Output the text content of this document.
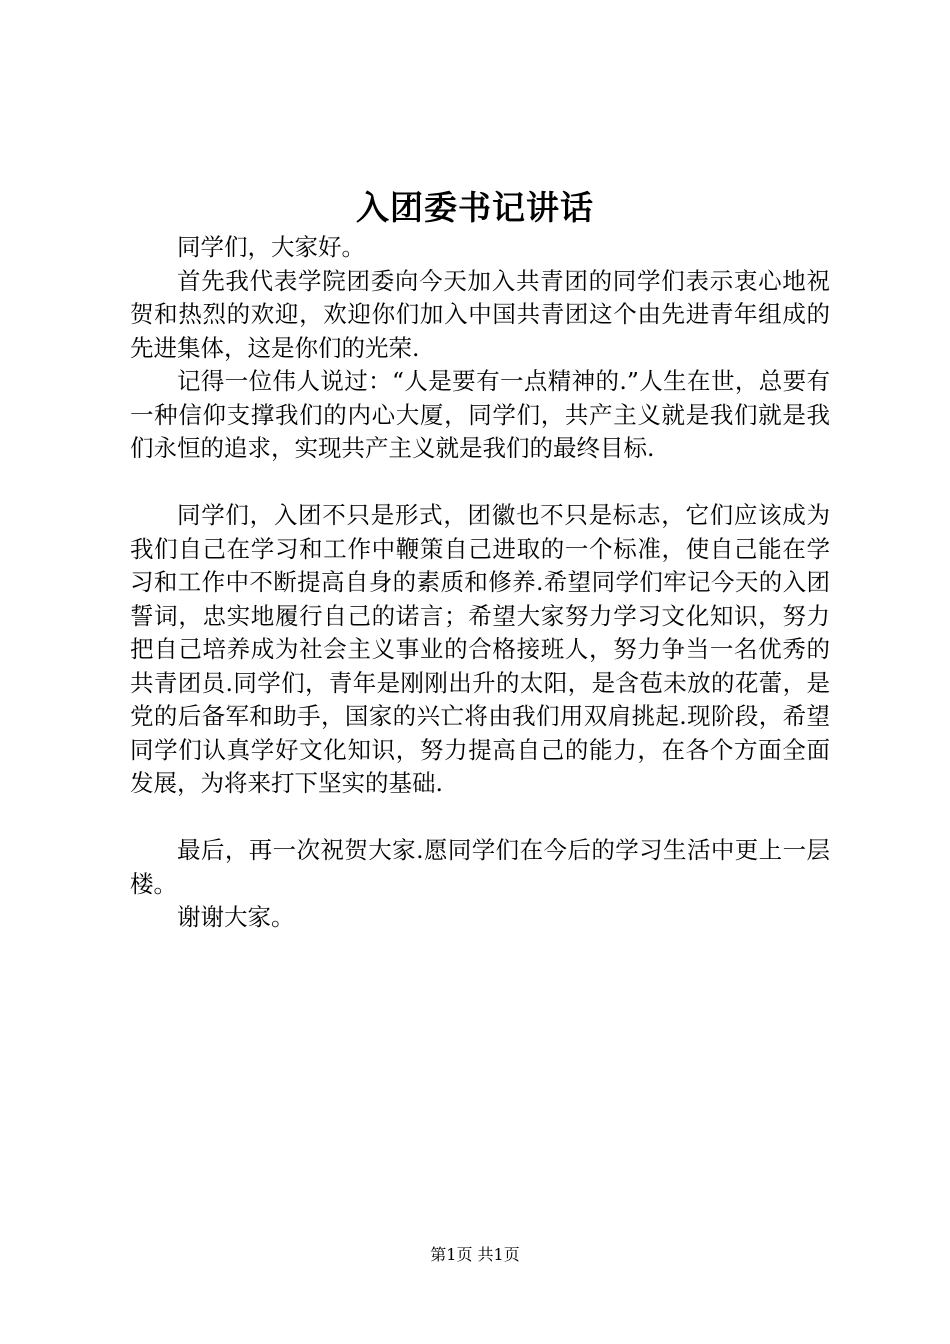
入团委书记讲话

同学们，大家好。

首先我代表学院团委向今天加入共青团的同学们表示衷心地祝贺和热烈的欢迎，欢迎你们加入中国共青团这个由先进青年组成的先进集体，这是你们的光荣.

记得一位伟人说过：“人是要有一点精神的.”人生在世，总要有一种信仰支撑我们的内心大厦，同学们，共产主义就是我们就是我们永恒的追求，实现共产主义就是我们的最终目标.

同学们，入团不只是形式，团徽也不只是标志，它们应该成为我们自己在学习和工作中鞭策自己进取的一个标准，使自己能在学习和工作中不断提高自身的素质和修养.希望同学们牢记今天的入团誓词，忠实地履行自己的诺言；希望大家努力学习文化知识，努力把自己培养成为社会主义事业的合格接班人，努力争当一名优秀的共青团员.同学们，青年是刚刚出升的太阳，是含苞未放的花蕾，是党的后备军和助手，国家的兴亡将由我们用双肩挑起.现阶段，希望同学们认真学好文化知识，努力提高自己的能力，在各个方面全面发展，为将来打下坚实的基础.

最后，再一次祝贺大家.愿同学们在今后的学习生活中更上一层楼。

谢谢大家。

第1页 共1页
